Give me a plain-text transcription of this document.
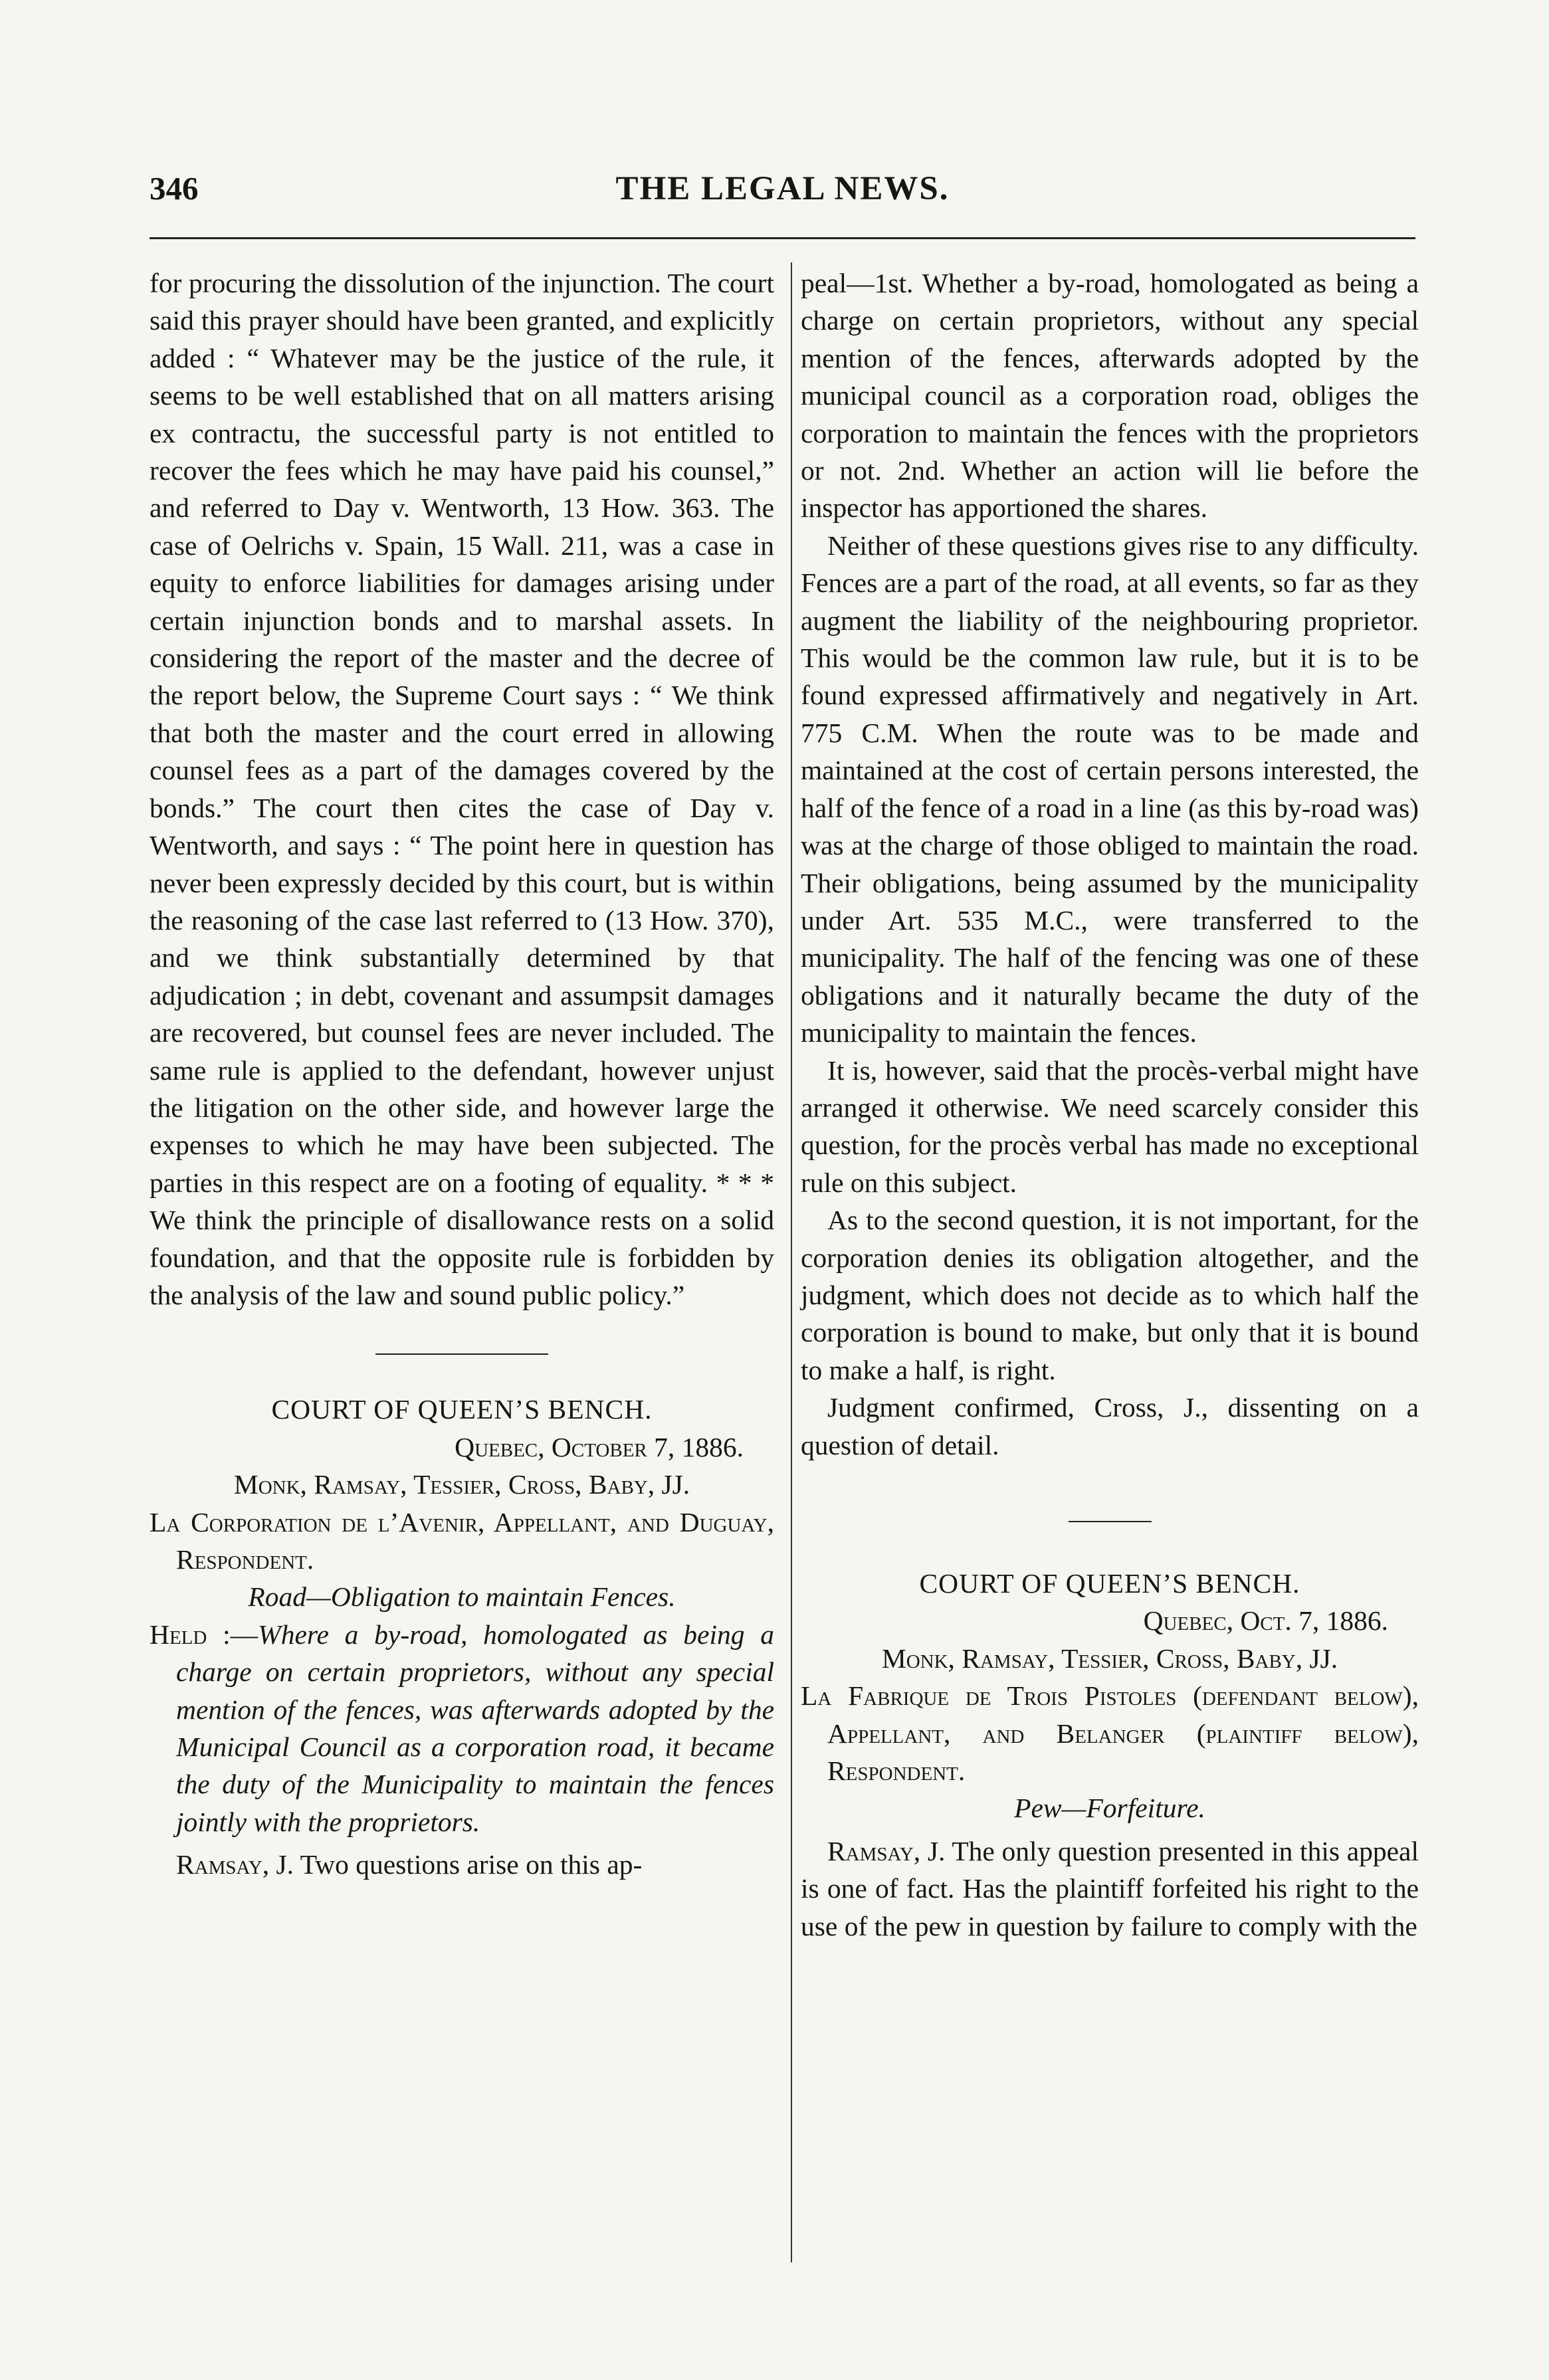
346	THE LEGAL NEWS.

for procuring the dissolution of the injunction. The court said this prayer should have been granted, and explicitly added : “ Whatever may be the justice of the rule, it seems to be well established that on all matters arising ex contractu, the successful party is not entitled to recover the fees which he may have paid his counsel,” and referred to Day v. Wentworth, 13 How. 363. The case of Oelrichs v. Spain, 15 Wall. 211, was a case in equity to enforce liabilities for damages arising under certain injunction bonds and to marshal assets. In considering the report of the master and the decree of the report below, the Supreme Court says : “ We think that both the master and the court erred in allowing counsel fees as a part of the damages covered by the bonds.” The court then cites the case of Day v. Wentworth, and says : “ The point here in question has never been expressly decided by this court, but is within the reasoning of the case last referred to (13 How. 370), and we think substantially determined by that adjudication ; in debt, covenant and assumpsit damages are recovered, but counsel fees are never included. The same rule is applied to the defendant, however unjust the litigation on the other side, and however large the expenses to which he may have been subjected. The parties in this respect are on a footing of equality. * * * We think the principle of disallowance rests on a solid foundation, and that the opposite rule is forbidden by the analysis of the law and sound public policy.”

COURT OF QUEEN’S BENCH.

Quebec, October 7, 1886.

Monk, Ramsay, Tessier, Cross, Baby, JJ.

La Corporation de l’Avenir, Appellant, and Duguay, Respondent.

Road—Obligation to maintain Fences.

Held :—Where a by-road, homologated as being a charge on certain proprietors, without any special mention of the fences, was afterwards adopted by the Municipal Council as a corporation road, it became the duty of the Municipality to maintain the fences jointly with the proprietors.

Ramsay, J. Two questions arise on this ap-

peal—1st. Whether a by-road, homologated as being a charge on certain proprietors, without any special mention of the fences, afterwards adopted by the municipal council as a corporation road, obliges the corporation to maintain the fences with the proprietors or not. 2nd. Whether an action will lie before the inspector has apportioned the shares.

Neither of these questions gives rise to any difficulty. Fences are a part of the road, at all events, so far as they augment the liability of the neighbouring proprietor. This would be the common law rule, but it is to be found expressed affirmatively and negatively in Art. 775 C.M. When the route was to be made and maintained at the cost of certain persons interested, the half of the fence of a road in a line (as this by-road was) was at the charge of those obliged to maintain the road. Their obligations, being assumed by the municipality under Art. 535 M.C., were transferred to the municipality. The half of the fencing was one of these obligations and it naturally became the duty of the municipality to maintain the fences.

It is, however, said that the procès-verbal might have arranged it otherwise. We need scarcely consider this question, for the procès verbal has made no exceptional rule on this subject.

As to the second question, it is not important, for the corporation denies its obligation altogether, and the judgment, which does not decide as to which half the corporation is bound to make, but only that it is bound to make a half, is right.

Judgment confirmed, Cross, J., dissenting on a question of detail.

COURT OF QUEEN’S BENCH.

Quebec, Oct. 7, 1886.

Monk, Ramsay, Tessier, Cross, Baby, JJ.

La Fabrique de Trois Pistoles (defendant below), Appellant, and Belanger (plaintiff below), Respondent.

Pew—Forfeiture.

Ramsay, J. The only question presented in this appeal is one of fact. Has the plaintiff forfeited his right to the use of the pew in question by failure to comply with the
